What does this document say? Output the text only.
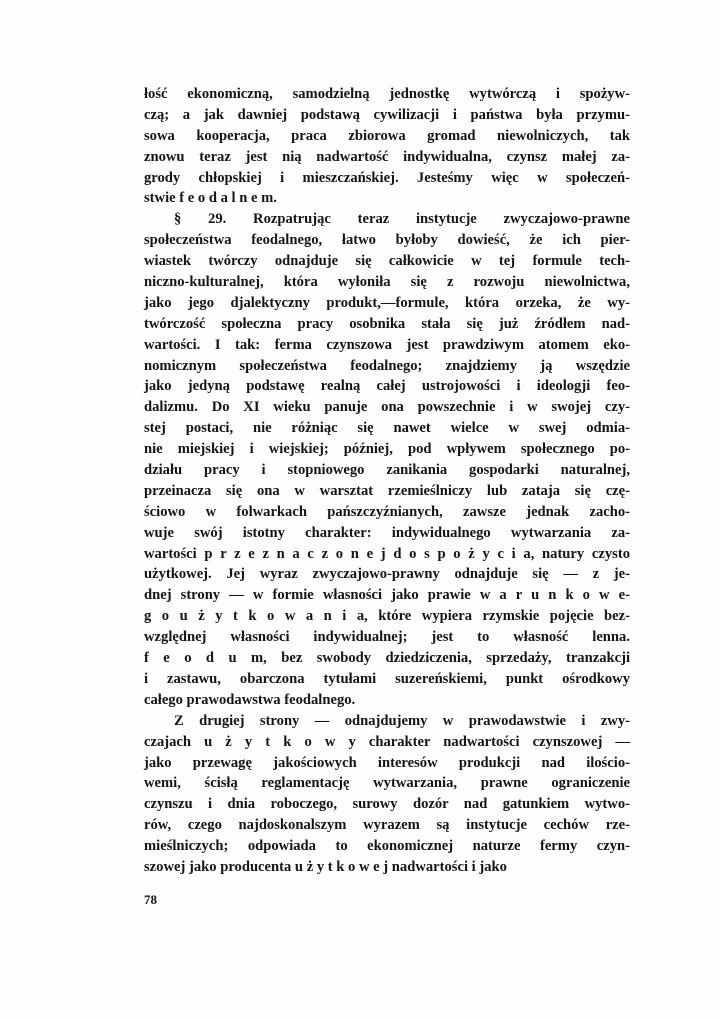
łość ekonomiczną, samodzielną jednostkę wytwórczą i spożyw-
czą; a jak dawniej podstawą cywilizacji i państwa była przymu-
sowa kooperacja, praca zbiorowa gromad niewolniczych, tak
znowu teraz jest nią nadwartość indywidualna, czynsz małej za-
grody chłopskiej i mieszczańskiej. Jesteśmy więc w społeczeń-
stwie f e o d a l n e m.
§ 29. Rozpatrując teraz instytucje zwyczajowo-prawne
społeczeństwa feodalnego, łatwo byłoby dowieść, że ich pier-
wiastek twórczy odnajduje się całkowicie w tej formule tech-
niczno-kulturalnej, która wyłoniła się z rozwoju niewolnictwa,
jako jego djalektyczny produkt,—formule, która orzeka, że wy-
twórczość społeczna pracy osobnika stała się już źródłem nad-
wartości. I tak: ferma czynszowa jest prawdziwym atomem eko-
nomicznym społeczeństwa feodalnego; znajdziemy ją wszędzie
jako jedyną podstawę realną całej ustrojowości i ideologji feo-
dalizmu. Do XI wieku panuje ona powszechnie i w swojej czy-
stej postaci, nie różniąc się nawet wielce w swej odmia-
nie miejskiej i wiejskiej; później, pod wpływem społecznego po-
działu pracy i stopniowego zanikania gospodarki naturalnej,
przeinacza się ona w warsztat rzemieślniczy lub zataja się czę-
ściowo w folwarkach pańszczyźnianych, zawsze jednak zacho-
wuje swój istotny charakter: indywidualnego wytwarzania za-
wartości p r z e z n a c z o n e j d o s p o ż y c i a, natury czysto
użytkowej. Jej wyraz zwyczajowo-prawny odnajduje się — z je-
dnej strony — w formie własności jako prawie w a r u n k o w e-
g o u ż y t k o w a n i a, które wypiera rzymskie pojęcie bez-
względnej własności indywidualnej; jest to własność lenna.
f e o d u m, bez swobody dziedziczenia, sprzedaży, tranzakcji
i zastawu, obarczona tytułami suzereńskiemi, punkt ośrodkowy
całego prawodawstwa feodalnego.
Z drugiej strony — odnajdujemy w prawodawstwie i zwy-
czajach u ż y t k o w y charakter nadwartości czynszowej —
jako przewagę jakościowych interesów produkcji nad ilościo-
wemi, ścisłą reglamentację wytwarzania, prawne ograniczenie
czynszu i dnia roboczego, surowy dozór nad gatunkiem wytwo-
rów, czego najdoskonalszym wyrazem są instytucje cechów rze-
mieślniczych; odpowiada to ekonomicznej naturze fermy czyn-
szowej jako producenta u ż y t k o w e j nadwartości i jako
78
